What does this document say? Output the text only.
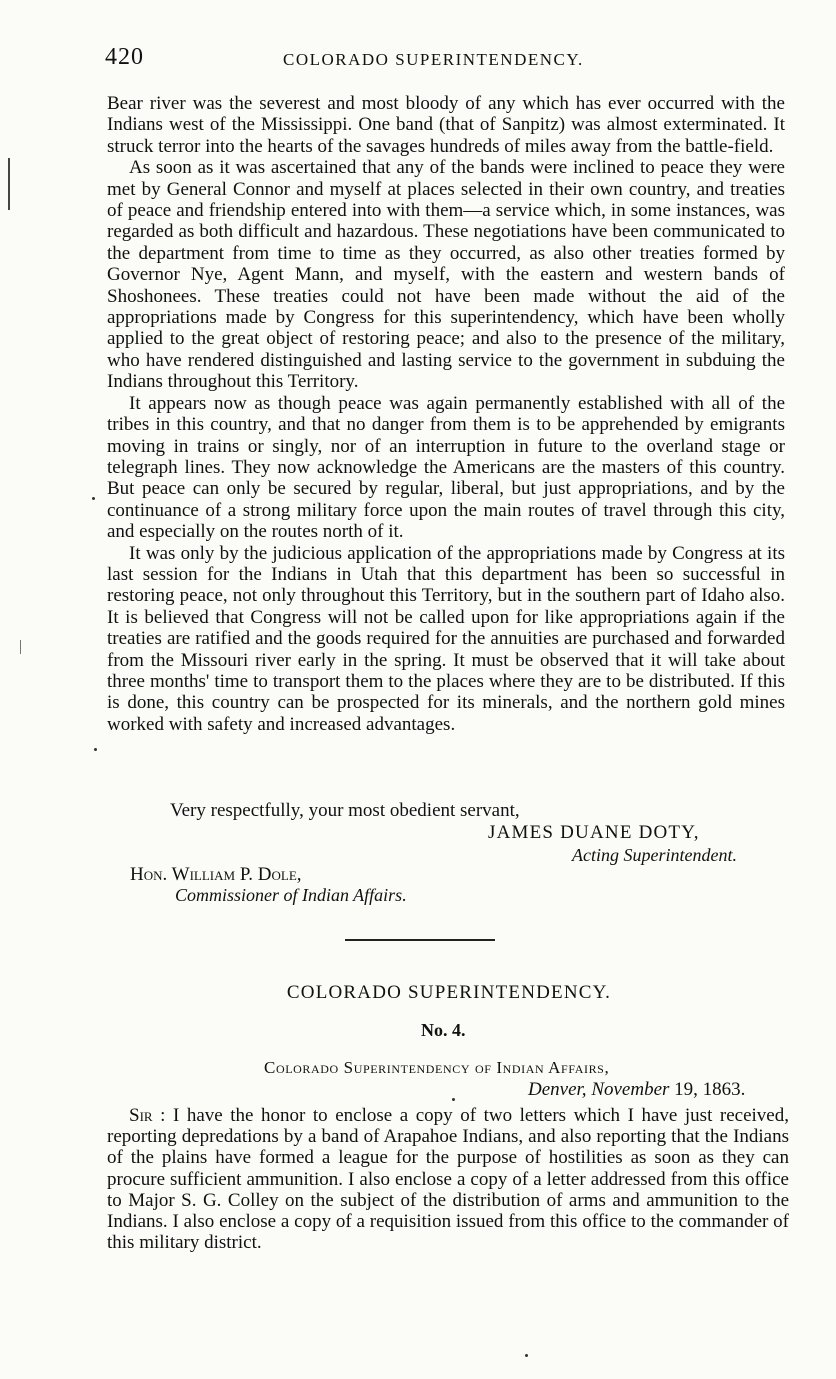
420	COLORADO SUPERINTENDENCY.

Bear river was the severest and most bloody of any which has ever occurred with the Indians west of the Mississippi. One band (that of Sanpitz) was almost exterminated. It struck terror into the hearts of the savages hundreds of miles away from the battle-field.

As soon as it was ascertained that any of the bands were inclined to peace they were met by General Connor and myself at places selected in their own country, and treaties of peace and friendship entered into with them—a service which, in some instances, was regarded as both difficult and hazardous. These negotiations have been communicated to the department from time to time as they occurred, as also other treaties formed by Governor Nye, Agent Mann, and myself, with the eastern and western bands of Shoshonees. These treaties could not have been made without the aid of the appropriations made by Congress for this superintendency, which have been wholly applied to the great object of restoring peace; and also to the presence of the military, who have rendered distinguished and lasting service to the government in subduing the Indians throughout this Territory.

It appears now as though peace was again permanently established with all of the tribes in this country, and that no danger from them is to be apprehended by emigrants moving in trains or singly, nor of an interruption in future to the overland stage or telegraph lines. They now acknowledge the Americans are the masters of this country. But peace can only be secured by regular, liberal, but just appropriations, and by the continuance of a strong military force upon the main routes of travel through this city, and especially on the routes north of it.

It was only by the judicious application of the appropriations made by Congress at its last session for the Indians in Utah that this department has been so successful in restoring peace, not only throughout this Territory, but in the southern part of Idaho also. It is believed that Congress will not be called upon for like appropriations again if the treaties are ratified and the goods required for the annuities are purchased and forwarded from the Missouri river early in the spring. It must be observed that it will take about three months' time to transport them to the places where they are to be distributed. If this is done, this country can be prospected for its minerals, and the northern gold mines worked with safety and increased advantages.

Very respectfully, your most obedient servant,
JAMES DUANE DOTY,
Acting Superintendent.
Hon. William P. Dole,
Commissioner of Indian Affairs.
COLORADO SUPERINTENDENCY.
No. 4.
Colorado Superintendency of Indian Affairs,
Denver, November 19, 1863.

Sir : I have the honor to enclose a copy of two letters which I have just received, reporting depredations by a band of Arapahoe Indians, and also reporting that the Indians of the plains have formed a league for the purpose of hostilities as soon as they can procure sufficient ammunition. I also enclose a copy of a letter addressed from this office to Major S. G. Colley on the subject of the distribution of arms and ammunition to the Indians. I also enclose a copy of a requisition issued from this office to the commander of this military district.
